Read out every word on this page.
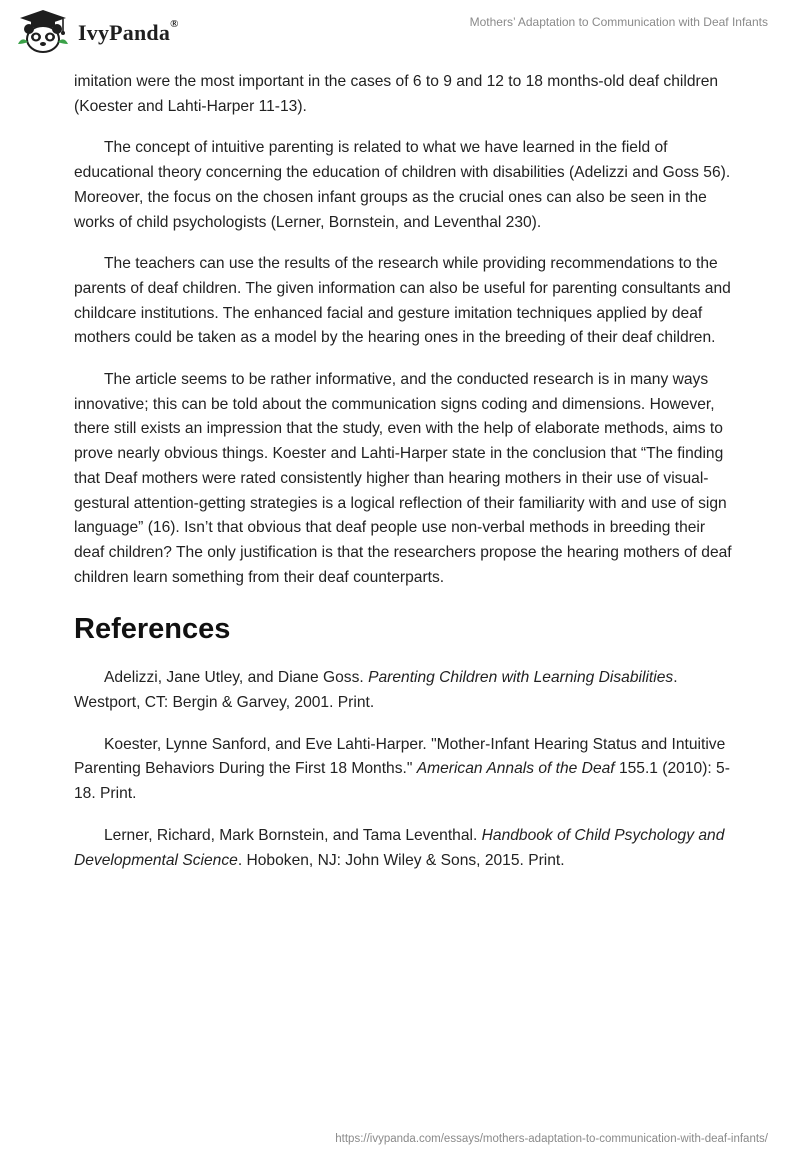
IvyPanda®	Mothers’ Adaptation to Communication with Deaf Infants

imitation were the most important in the cases of 6 to 9 and 12 to 18 months-old deaf children (Koester and Lahti-Harper 11-13).

The concept of intuitive parenting is related to what we have learned in the field of educational theory concerning the education of children with disabilities (Adelizzi and Goss 56). Moreover, the focus on the chosen infant groups as the crucial ones can also be seen in the works of child psychologists (Lerner, Bornstein, and Leventhal 230).

The teachers can use the results of the research while providing recommendations to the parents of deaf children. The given information can also be useful for parenting consultants and childcare institutions. The enhanced facial and gesture imitation techniques applied by deaf mothers could be taken as a model by the hearing ones in the breeding of their deaf children.

The article seems to be rather informative, and the conducted research is in many ways innovative; this can be told about the communication signs coding and dimensions. However, there still exists an impression that the study, even with the help of elaborate methods, aims to prove nearly obvious things. Koester and Lahti-Harper state in the conclusion that “The finding that Deaf mothers were rated consistently higher than hearing mothers in their use of visual-gestural attention-getting strategies is a logical reflection of their familiarity with and use of sign language” (16). Isn’t that obvious that deaf people use non-verbal methods in breeding their deaf children? The only justification is that the researchers propose the hearing mothers of deaf children learn something from their deaf counterparts.

References

Adelizzi, Jane Utley, and Diane Goss. Parenting Children with Learning Disabilities. Westport, CT: Bergin & Garvey, 2001. Print.

Koester, Lynne Sanford, and Eve Lahti-Harper. "Mother-Infant Hearing Status and Intuitive Parenting Behaviors During the First 18 Months." American Annals of the Deaf 155.1 (2010): 5-18. Print.

Lerner, Richard, Mark Bornstein, and Tama Leventhal. Handbook of Child Psychology and Developmental Science. Hoboken, NJ: John Wiley & Sons, 2015. Print.

https://ivypanda.com/essays/mothers-adaptation-to-communication-with-deaf-infants/
